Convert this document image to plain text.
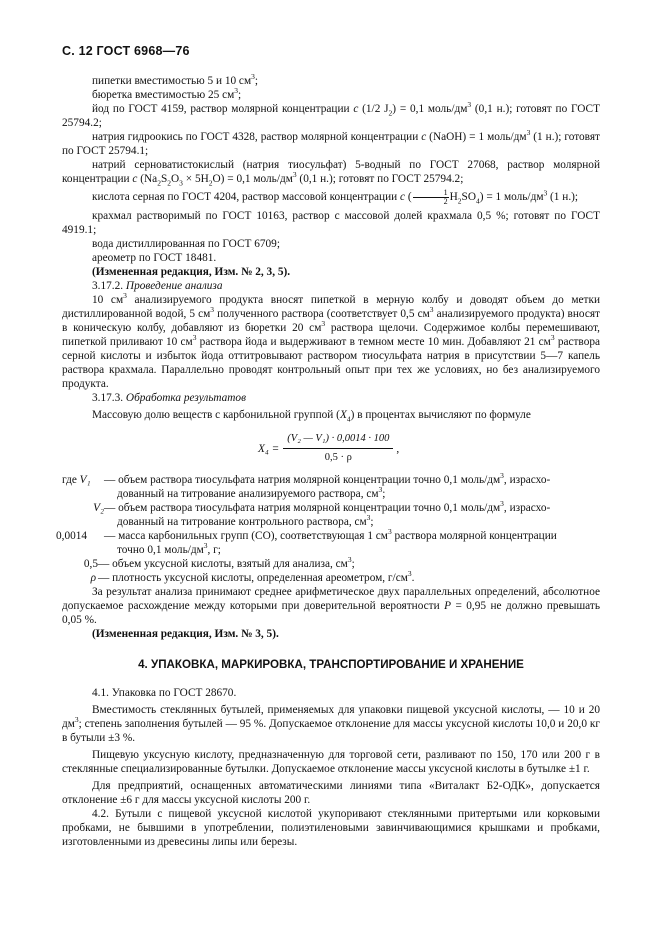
С. 12 ГОСТ 6968—76

пипетки вместимостью 5 и 10 $см^3$;

бюретка вместимостью 25 $см^3$;

йод по ГОСТ 4159, раствор молярной концентрации c (1/2 $J_2) = 0,1$ моль/$дм^3$ (0,1 н.); готовят по ГОСТ 25794.2;

натрия гидроокись по ГОСТ 4328, раствор молярной концентрации c (NaOH) = 1 моль/$дм^3$ (1 н.); готовят по ГОСТ 25794.1;

натрий серноватистокислый (натрия тиосульфат) 5-водный по ГОСТ 27068, раствор молярной концентрации c $(Na_2S_2O_3 \times 5H_2O) = 0,1$ моль/$дм^3$ (0,1 н.); готовят по ГОСТ 25794.2;

кислота серная по ГОСТ 4204, раствор массовой концентрации c ( $\frac{1}{2} H_2SO_4) = 1$ моль/$дм^3$ (1 н.);

крахмал растворимый по ГОСТ 10163, раствор с массовой долей крахмала 0,5 %; готовят по ГОСТ 4919.1;

вода дистиллированная по ГОСТ 6709;

ареометр по ГОСТ 18481.

(Измененная редакция, Изм. № 2, 3, 5).

3.17.2. Проведение анализа

10 $см^3$ анализируемого продукта вносят пипеткой в мерную колбу и доводят объем до метки дистиллированной водой, 5 $см^3$ полученного раствора (соответствует 0,5 $см^3$ анализируемого продукта) вносят в коническую колбу, добавляют из бюретки 20 $см^3$ раствора щелочи. Содержимое колбы перемешивают, пипеткой приливают 10 $см^3$ раствора йода и выдерживают в темном месте 10 мин. Добавляют 21 $см^3$ раствора серной кислоты и избыток йода оттитровывают раствором тиосульфата натрия в присутствии 5—7 капель раствора крахмала. Параллельно проводят контрольный опыт при тех же условиях, но без анализируемого продукта.

3.17.3. Обработка результатов

Массовую долю веществ с карбонильной группой $(X_4)$ в процентах вычисляют по формуле

$X_4 = \frac{\text{(V₂ — V₁) · 0,0014 · 100}}{0,5 \cdot \rho}$ ,
где V₁	— объем раствора тиосульфата натрия молярной концентрации точно 0,1 моль/$дм^3$, израсхо-
дованный на титрование анализируемого раствора, $см^3$;
V₂ — объем раствора тиосульфата натрия молярной концентрации точно 0,1 моль/$дм^3$, израсхо-
дованный на титрование контрольного раствора, $см^3$;
0,0014 — масса карбонильных групп (СО), соответствующая 1 $см^3$ раствора молярной концентрации
точно 0,1 моль/$дм^3$, г;
0,5 — объем уксусной кислоты, взятый для анализа, $см^3$;
ρ — плотность уксусной кислоты, определенная ареометром, $г/см^3$.

За результат анализа принимают среднее арифметическое двух параллельных определений, абсолютное допускаемое расхождение между которыми при доверительной вероятности P = 0,95 не должно превышать 0,05 %.

(Измененная редакция, Изм. № 3, 5).

4. УПАКОВКА, МАРКИРОВКА, ТРАНСПОРТИРОВАНИЕ И ХРАНЕНИЕ

4.1. Упаковка по ГОСТ 28670.

Вместимость стеклянных бутылей, применяемых для упаковки пищевой уксусной кислоты, — 10 и 20 $дм^3$; степень заполнения бутылей — 95 %. Допускаемое отклонение для массы уксусной кислоты 10,0 и 20,0 кг в бутыли ±3 %.

Пищевую уксусную кислоту, предназначенную для торговой сети, разливают по 150, 170 или 200 г в стеклянные специализированные бутылки. Допускаемое отклонение массы уксусной кислоты в бутылке ±1 г.

Для предприятий, оснащенных автоматическими линиями типа «Виталакт Б2-ОДК», допускается отклонение ±6 г для массы уксусной кислоты 200 г.

4.2. Бутыли с пищевой уксусной кислотой укупоривают стеклянными притертыми или корковыми пробками, не бывшими в употреблении, полиэтиленовыми завинчивающимися крышками и пробками, изготовленными из древесины липы или березы.
